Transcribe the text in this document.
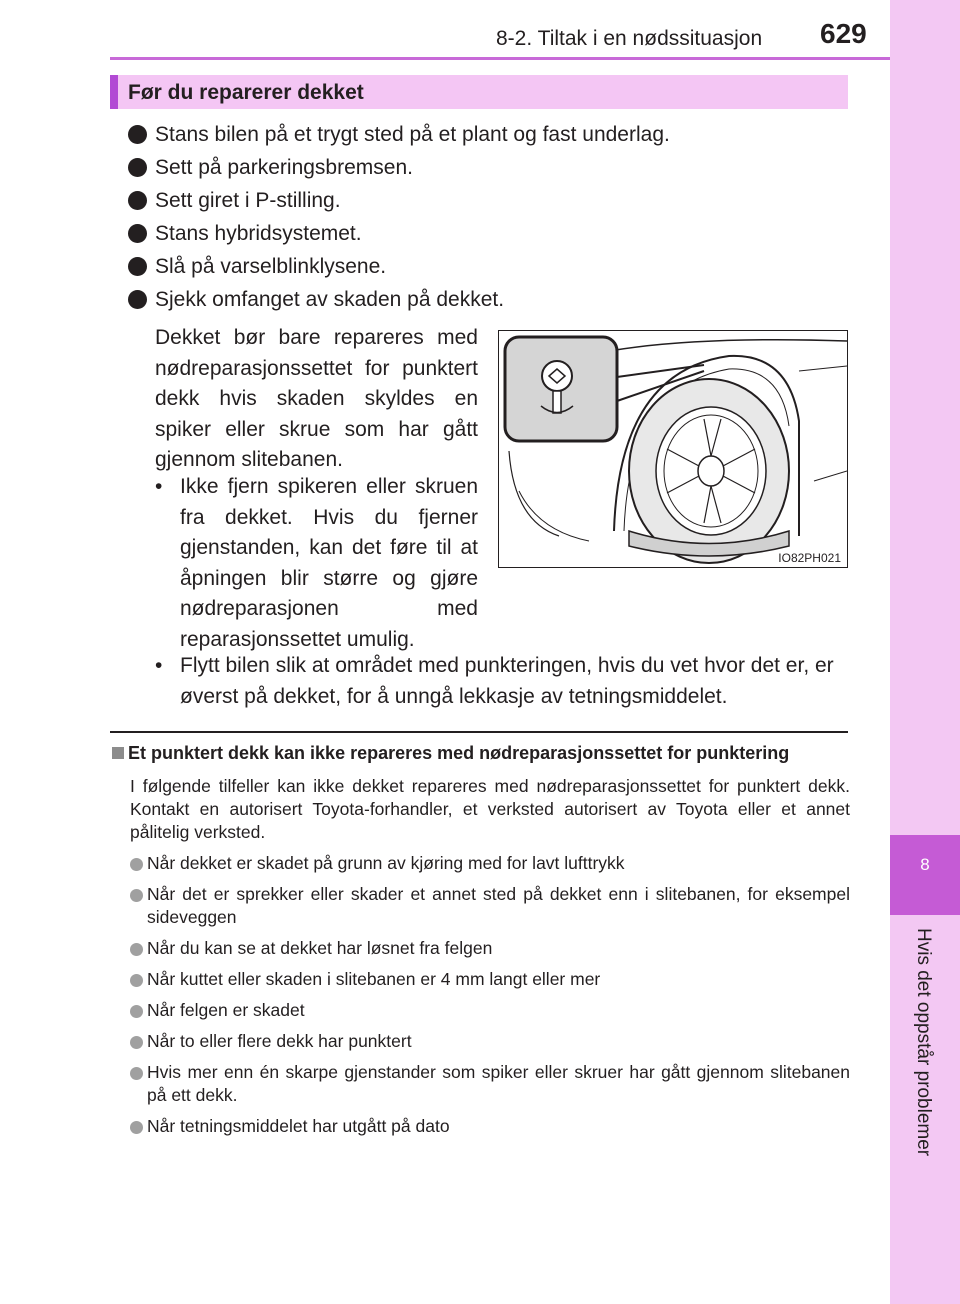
8-2. Tiltak i en nødssituasjon 629
8
Hvis det oppstår problemer
Før du reparerer dekket
Stans bilen på et trygt sted på et plant og fast underlag.
Sett på parkeringsbremsen.
Sett giret i P-stilling.
Stans hybridsystemet.
Slå på varselblinklysene.
Sjekk omfanget av skaden på dekket.
Dekket bør bare repareres med nødreparasjonssettet for punktert dekk hvis skaden skyldes en spiker eller skrue som har gått gjennom slitebanen.
• Ikke fjern spikeren eller skruen fra dekket. Hvis du fjerner gjenstanden, kan det føre til at åpningen blir større og gjøre nødreparasjonen med reparasjonssettet umulig.
• Flytt bilen slik at området med punkteringen, hvis du vet hvor det er, er øverst på dekket, for å unngå lekkasje av tetningsmiddelet.
IO82PH021
Et punktert dekk kan ikke repareres med nødreparasjonssettet for punktering
I følgende tilfeller kan ikke dekket repareres med nødreparasjonssettet for punktert dekk. Kontakt en autorisert Toyota-forhandler, et verksted autorisert av Toyota eller et annet pålitelig verksted.
Når dekket er skadet på grunn av kjøring med for lavt lufttrykk
Når det er sprekker eller skader et annet sted på dekket enn i slitebanen, for eksempel sideveggen
Når du kan se at dekket har løsnet fra felgen
Når kuttet eller skaden i slitebanen er 4 mm langt eller mer
Når felgen er skadet
Når to eller flere dekk har punktert
Hvis mer enn én skarpe gjenstander som spiker eller skruer har gått gjennom slitebanen på ett dekk.
Når tetningsmiddelet har utgått på dato
